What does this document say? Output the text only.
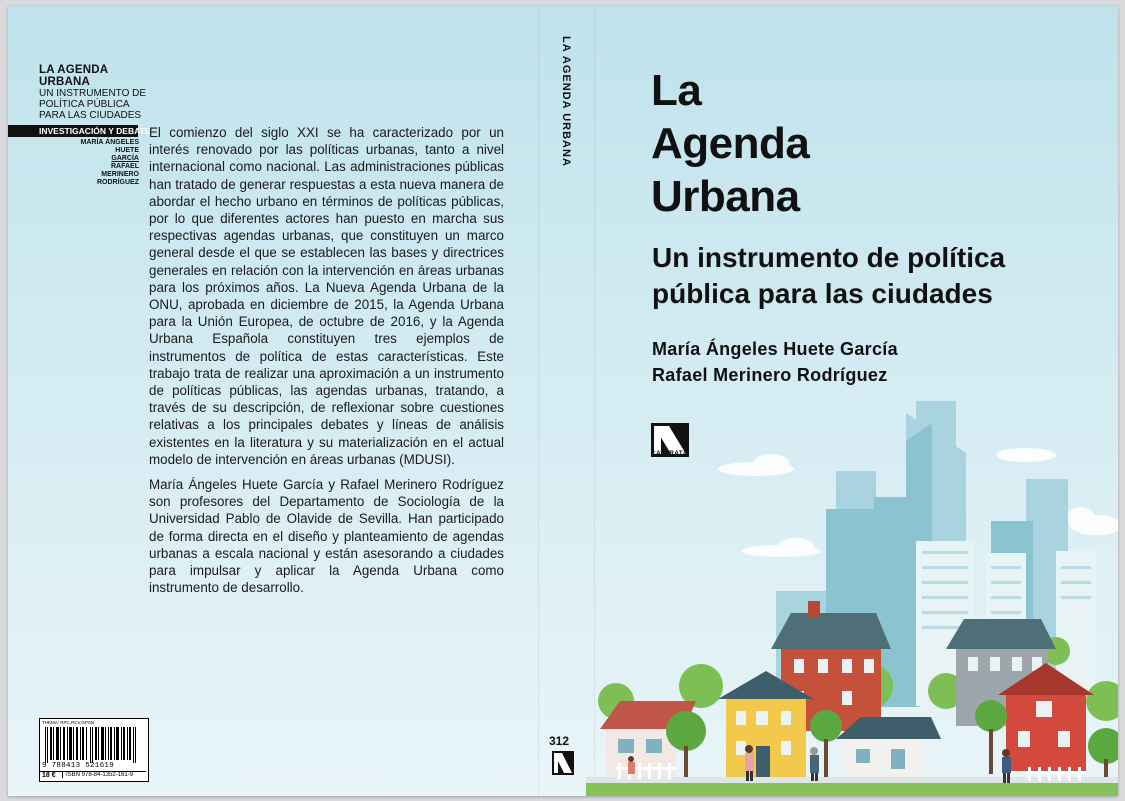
LA AGENDA URBANA
UN INSTRUMENTO DE POLÍTICA PÚBLICA PARA LAS CIUDADES
INVESTIGACIÓN Y DEBATE
MARÍA ÁNGELES
HUETE
GARCÍA
RAFAEL
MERINERO
RODRÍGUEZ

El comienzo del siglo XXI se ha caracterizado por un interés renovado por las políticas urbanas, tanto a nivel internacional como nacional. Las administraciones públicas han tratado de generar respuestas a esta nueva manera de abordar el hecho urbano en términos de políticas públicas, por lo que diferentes actores han puesto en marcha sus respectivas agendas urbanas, que constituyen un marco general desde el que se establecen las bases y directrices generales en relación con la intervención en áreas urbanas para los próximos años. La Nueva Agenda Urbana de la ONU, aprobada en diciembre de 2015, la Agenda Urbana para la Unión Europea, de octubre de 2016, y la Agenda Urbana Española constituyen tres ejemplos de instrumentos de política de estas características. Este trabajo trata de realizar una aproximación a un instrumento de políticas públicas, las agendas urbanas, tratando, a través de su descripción, de reflexionar sobre cuestiones relativas a los principales debates y líneas de análisis existentes en la literatura y su materialización en el actual modelo de intervención en áreas urbanas (MDUSI).

María Ángeles Huete García y Rafael Merinero Rodríguez son profesores del Departamento de Sociología de la Universidad Pablo de Olavide de Sevilla. Han participado de forma directa en el diseño y planteamiento de agendas urbanas a escala nacional y están asesorando a ciudades para impulsar y aplicar la Agenda Urbana como instrumento de desarrollo.

THEMA: RPC,RCV,GPSN
9 788413 521619
18 €	ISBN 978-84-1352-161-9
LA AGENDA URBANA
312
La
Agenda
Urbana
Un instrumento de política
pública para las ciudades
María Ángeles Huete García
Rafael Merinero Rodríguez
CATARATA
